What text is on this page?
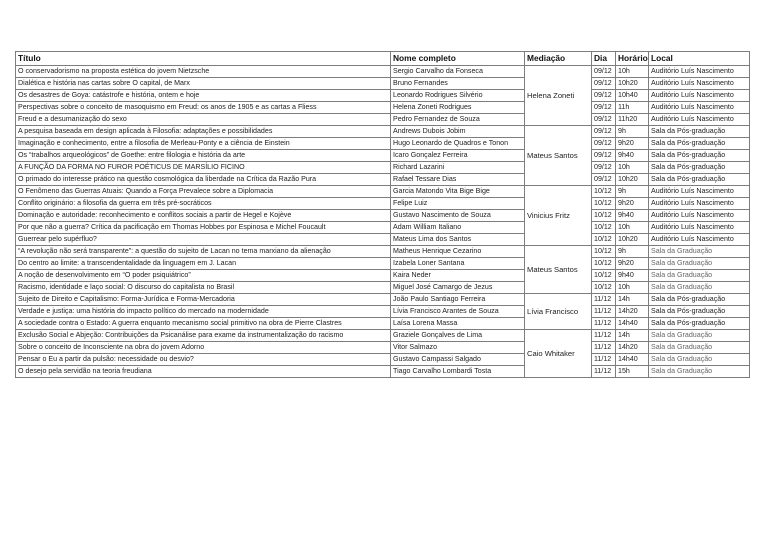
Título	Nome completo	Mediação	Dia	Horário	Local
O conservadorismo na proposta estética do jovem Nietzsche	Sergio Carvalho da Fonseca	Helena Zoneti	09/12	10h	Auditório Luís Nascimento
Dialética e história nas cartas sobre O capital, de Marx	Bruno Fernandes		09/12	10h20	Auditório Luís Nascimento
Os desastres de Goya: catástrofe e história, ontem e hoje	Leonardo Rodrigues Silvério		09/12	10h40	Auditório Luís Nascimento
Perspectivas sobre o conceito de masoquismo em Freud: os anos de 1905 e as cartas a Fliess	Helena Zoneti Rodrigues		09/12	11h	Auditório Luís Nascimento
Freud e a desumanização do sexo	Pedro Fernandez de Souza		09/12	11h20	Auditório Luís Nascimento
A pesquisa baseada em design aplicada à Filosofia: adaptações e possibilidades	Andrews Dubois Jobim	Mateus Santos	09/12	9h	Sala da Pós-graduação
Imaginação e conhecimento, entre a filosofia de Merleau-Ponty e a ciência de Einstein	Hugo Leonardo de Quadros e Tonon		09/12	9h20	Sala da Pós-graduação
Os “trabalhos arqueológicos” de Goethe: entre filologia e história da arte	Icaro Gonçalez Ferreira		09/12	9h40	Sala da Pós-graduação
A FUNÇÃO DA FORMA NO FUROR POÉTICUS DE MARSÍLIO FICINO	Richard Lazarini		09/12	10h	Sala da Pós-graduação
O primado do interesse prático na questão cosmológica da liberdade na Crítica da Razão Pura	Rafael Tessare Dias		09/12	10h20	Sala da Pós-graduação
O Fenômeno das Guerras Atuais: Quando a Força Prevalece sobre a Diplomacia	Garcia Matondo Vita Bige Bige	Vinicius Fritz	10/12	9h	Auditório Luís Nascimento
Conflito originário: a filosofia da guerra em três pré-socráticos	Felipe Luiz		10/12	9h20	Auditório Luís Nascimento
Dominação e autoridade: reconhecimento e conflitos sociais a partir de Hegel e Kojève	Gustavo Nascimento de Souza		10/12	9h40	Auditório Luís Nascimento
Por que não a guerra? Crítica da pacificação em Thomas Hobbes por Espinosa e Michel Foucault	Adam William Italiano		10/12	10h	Auditório Luís Nascimento
Guerrear pelo supérfluo?	Mateus Lima dos Santos		10/12	10h20	Auditório Luís Nascimento
“A revolução não será transparente”: a questão do sujeito de Lacan no tema marxiano da alienação	Matheus Henrique Cezarino	Mateus Santos	10/12	9h	Sala da Graduação
Do centro ao limite: a transcendentalidade da linguagem em J. Lacan	Izabela Loner Santana		10/12	9h20	Sala da Graduação
A noção de desenvolvimento em “O poder psiquiátrico”	Kaira Neder		10/12	9h40	Sala da Graduação
Racismo, identidade e laço social: O discurso do capitalista no Brasil	Miguel José Camargo de Jezus		10/12	10h	Sala da Graduação
Sujeito de Direito e Capitalismo: Forma-Jurídica e Forma-Mercadoria	João Paulo Santiago Ferreira	Lívia Francisco	11/12	14h	Sala da Pós-graduação
Verdade e justiça: uma história do impacto político do mercado na modernidade	Lívia Francisco Arantes de Souza		11/12	14h20	Sala da Pós-graduação
A sociedade contra o Estado: A guerra enquanto mecanismo social primitivo na obra de Pierre Clastres	Laísa Lorena Massa		11/12	14h40	Sala da Pós-graduação
Exclusão Social e Abjeção: Contribuições da Psicanálise para exame da instrumentalização do racismo	Graziele Gonçalves de Lima	Caio Whitaker	11/12	14h	Sala da Graduação
Sobre o conceito de Inconsciente na obra do jovem Adorno	Vitor Salmazo		11/12	14h20	Sala da Graduação
Pensar o Eu a partir da pulsão: necessidade ou desvio?	Gustavo Campassi Salgado		11/12	14h40	Sala da Graduação
O desejo pela servidão na teoria freudiana	Tiago Carvalho Lombardi Tosta		11/12	15h	Sala da Graduação
